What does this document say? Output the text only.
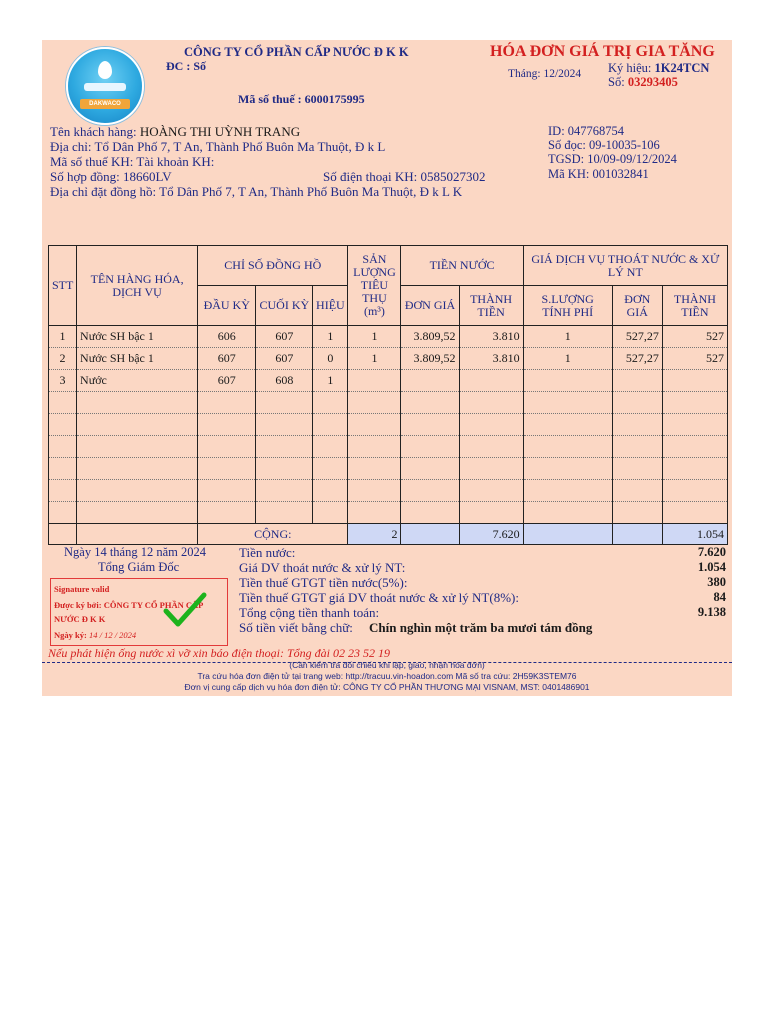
DAKWACO
CÔNG TY CỔ PHẦN CẤP NƯỚC Đ K K
ĐC : Số
Mã số thuế : 6000175995
HÓA ĐƠN GIÁ TRỊ GIA TĂNG
Tháng: 12/2024 Ký hiệu: 1K24TCN
Số: 03293405
Tên khách hàng: HOÀNG THI UỲNH TRANG
Địa chỉ: Tổ Dân Phố 7, T An, Thành Phố Buôn Ma Thuột, Đ k L
Mã số thuế KH: Tài khoản KH:
Số hợp đồng: 18660LV	Số điện thoại KH: 0585027302
Địa chỉ đặt đồng hồ: Tổ Dân Phố 7, T An, Thành Phố Buôn Ma Thuột, Đ k L K
ID: 047768754
Số đọc: 09-10035-106
TGSD: 10/09-09/12/2024
Mã KH: 001032841
STT	TÊN HÀNG HÓA, DỊCH VỤ	CHỈ SỐ ĐỒNG HỒ			SẢN LƯỢNG TIÊU THỤ (m³)	TIỀN NƯỚC		GIÁ DỊCH VỤ THOÁT NƯỚC & XỬ LÝ NT		
		ĐẦU KỲ	CUỐI KỲ	HIỆU		ĐƠN GIÁ	THÀNH TIỀN	S.LƯỢNG TÍNH PHÍ	ĐƠN GIÁ	THÀNH TIỀN
1	Nước SH bậc 1	606	607	1	1	3.809,52	3.810	1	527,27	527
2	Nước SH bậc 1	607	607	0	1	3.809,52	3.810	1	527,27	527
3	Nước	607	608	1						

		CỘNG:			2		7.620			1.054
Ngày 14 tháng 12 năm 2024
Tổng Giám Đốc
Signature valid
Được ký bởi: CÔNG TY CỔ PHẦN CẤP
NƯỚC Đ K K
Ngày ký: 14 / 12 / 2024
Tiền nước:	7.620
Giá DV thoát nước & xử lý NT:	1.054
Tiền thuế GTGT tiền nước(5%):	380
Tiền thuế GTGT giá DV thoát nước & xử lý NT(8%):	84
Tổng cộng tiền thanh toán:	9.138
Số tiền viết bằng chữ: Chín nghìn một trăm ba mươi tám đồng
Nếu phát hiện ống nước xì vỡ xin báo điện thoại: Tổng đài 02 23 52 19
(Cần kiểm tra đối chiếu khi lập, giao, nhận hóa đơn)
Tra cứu hóa đơn điện tử tại trang web: http://tracuu.vin-hoadon.com Mã số tra cứu: 2H59K3STEM76
Đơn vị cung cấp dịch vụ hóa đơn điện tử: CÔNG TY CỔ PHẦN THƯƠNG MẠI VISNAM, MST: 0401486901
